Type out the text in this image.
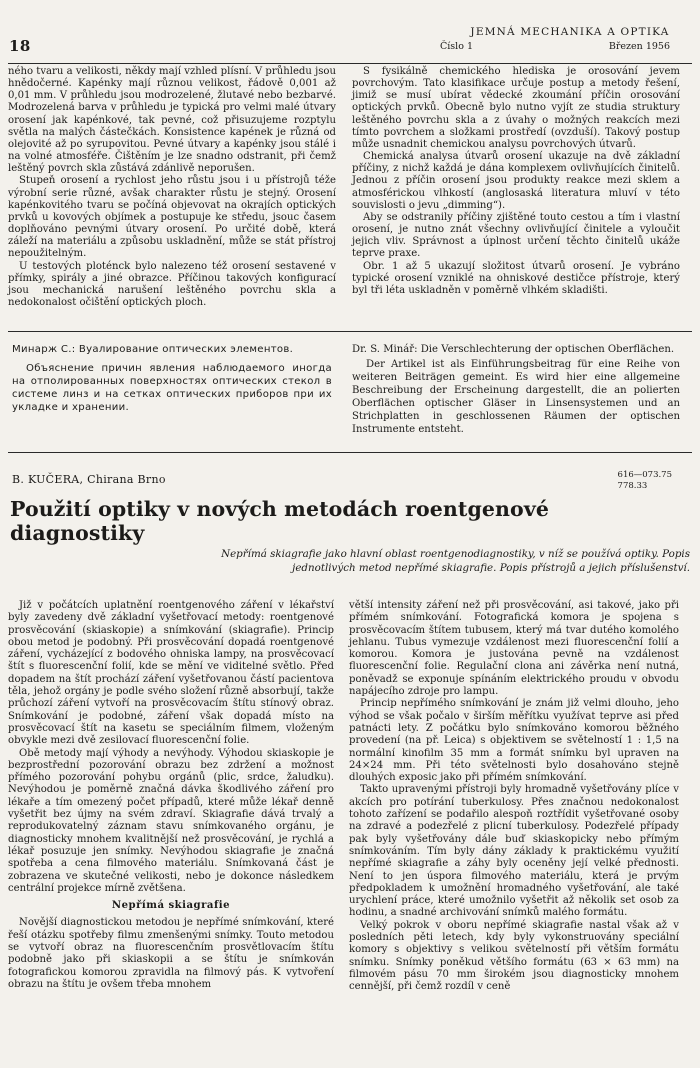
18
JEMNÁ MECHANIKA A OPTIKA
Číslo 1	Březen 1956

ného tvaru a velikosti, někdy mají vzhled plísní. V průhledu jsou hnědočerné. Kapénky mají různou velikost, řádově 0,001 až 0,01 mm. V průhledu jsou modrozelené, žlutavé nebo bezbarvé. Modrozelená barva v průhledu je typická pro velmi malé útvary orosení jak kapénkové, tak pevné, což přisuzujeme rozptylu světla na malých částečkách. Konsistence kapének je různá od olejovité až po syrupovitou. Pevné útvary a kapénky jsou stálé i na volné atmosféře. Čištěním je lze snadno odstranit, při čemž leštěný povrch skla zůstává zdánlivě neporušen.

Stupeň orosení a rychlost jeho růstu jsou i u přístrojů téže výrobní serie různé, avšak charakter růstu je stejný. Orosení kapénkovitého tvaru se počíná objevovat na okrajích optických prvků u kovových objímek a postupuje ke středu, jsouc časem doplňováno pevnými útvary orosení. Po určité době, která záleží na materiálu a způsobu uskladnění, může se stát přístroj nepoužitelným.

U testových ploténck bylo nalezeno též orosení sestavené v přímky, spirály a jiné obrazce. Příčinou takových konfigurací jsou mechanická narušení leštěného povrchu skla a nedokonalost očištění optických ploch.

S fysikálně chemického hlediska je orosování jevem povrchovým. Tato klasifikace určuje postup a metody řešení, jimiž se musí ubírat vědecké zkoumání příčin orosování optických prvků. Obecně bylo nutno vyjít ze studia struktury leštěného povrchu skla a z úvahy o možných reakcích mezi tímto povrchem a složkami prostředí (ovzduší). Takový postup může usnadnit chemickou analysu povrchových útvarů.

Chemická analysa útvarů orosení ukazuje na dvě základní příčiny, z nichž každá je dána komplexem ovlivňujících činitelů. Jednou z příčin orosení jsou produkty reakce mezi sklem a atmosférickou vlhkostí (anglosaská literatura mluví v této souvislosti o jevu „dimming“).

Aby se odstranily příčiny zjištěné touto cestou a tím i vlastní orosení, je nutno znát všechny ovlivňující činitele a vyloučit jejich vliv. Správnost a úplnost určení těchto činitelů ukáže teprve praxe.

Obr. 1 až 5 ukazují složitost útvarů orosení. Je vybráno typické orosení vzniklé na ohniskové destičce přístroje, který byl tři léta uskladněn v poměrně vlhkém skladišti.

Минарж С.: Вуалирование оптических элементов.

Объяснение причин явления наблюдаемого иногда на отполированных поверхностях оптических стекол в системе линз и на сетках оптических приборов при их укладке и хранении.

Dr. S. Minář: Die Verschlechterung der optischen Oberflächen.

Der Artikel ist als Einführungsbeitrag für eine Reihe von weiteren Beiträgen gemeint. Es wird hier eine allgemeine Beschreibung der Erscheinung dargestellt, die an polierten Oberflächen optischer Gläser in Linsensystemen und an Strichplatten in geschlossenen Räumen der optischen Instrumente entsteht.

B. KUČERA, Chirana Brno	616—073.75
778.33
Použití optiky v nových metodách roentgenové diagnostiky
Nepřímá skiagrafie jako hlavní oblast roentgenodiagnostiky, v níž se používá optiky. Popis jednotlivých metod nepřímé skiagrafie. Popis přístrojů a jejich příslušenství.

Již v počátcích uplatnění roentgenového záření v lékařství byly zavedeny dvě základní vyšetřovací metody: roentgenové prosvěcování (skiaskopie) a snímkování (skiagrafie). Princip obou metod je podobný. Při prosvěcování dopadá roentgenové záření, vycházející z bodového ohniska lampy, na prosvěcovací štít s fluorescenční folií, kde se mění ve viditelné světlo. Před dopadem na štít prochází záření vyšetřovanou částí pacientova těla, jehož orgány je podle svého složení různě absorbují, takže průchozí záření vytvoří na prosvěcovacím štítu stínový obraz. Snímkování je podobné, záření však dopadá místo na prosvěcovací štít na kasetu se speciálním filmem, vloženým obvykle mezi dvě zesilovací fluorescenční folie.

Obě metody mají výhody a nevýhody. Výhodou skiaskopie je bezprostřední pozorování obrazu bez zdržení a možnost přímého pozorování pohybu orgánů (plic, srdce, žaludku). Nevýhodou je poměrně značná dávka škodlivého záření pro lékaře a tím omezený počet případů, které může lékař denně vyšetřit bez újmy na svém zdraví. Skiagrafie dává trvalý a reprodukovatelný záznam stavu snímkovaného orgánu, je diagnosticky mnohem kvalitnější než prosvěcování, je rychlá a lékař posuzuje jen snímky. Nevýhodou skiagrafie je značná spotřeba a cena filmového materiálu. Snímkovaná část je zobrazena ve skutečné velikosti, nebo je dokonce následkem centrální projekce mírně zvětšena.

Nepřímá skiagrafie

Novější diagnostickou metodou je nepřímé snímkování, které řeší otázku spotřeby filmu zmenšenými snímky. Touto metodou se vytvoří obraz na fluorescenčním prosvětlovacím štítu podobně jako při skiaskopii a se štítu je snímkován fotografickou komorou zpravidla na filmový pás. K vytvoření obrazu na štítu je ovšem třeba mnohem

větší intensity záření než při prosvěcování, asi takové, jako při přímém snímkování. Fotografická komora je spojena s prosvěcovacím štítem tubusem, který má tvar dutého komolého jehlanu. Tubus vymezuje vzdálenost mezi fluorescenční folií a komorou. Komora je justována pevně na vzdálenost fluorescenční folie. Regulační clona ani závěrka není nutná, poněvadž se exponuje spínáním elektrického proudu v obvodu napájecího zdroje pro lampu.

Princip nepřímého snímkování je znám již velmi dlouho, jeho výhod se však počalo v širším měřítku využívat teprve asi před patnácti lety. Z počátku bylo snímkováno komorou běžného provedení (na př. Leica) s objektivem se světelností 1 : 1,5 na normální kinofilm 35 mm a formát snímku byl upraven na 24×24 mm. Při této světelnosti bylo dosahováno stejně dlouhých exposic jako při přímém snímkování.

Takto upravenými přístroji byly hromadně vyšetřovány plíce v akcích pro potírání tuberkulosy. Přes značnou nedokonalost tohoto zařízení se podařilo alespoň roztřídit vyšetřované osoby na zdravé a podezřelé z plicní tuberkulosy. Podezřelé případy pak byly vyšetřovány dále buď skiaskopicky nebo přímým snímkováním. Tím byly dány základy k praktickému využití nepřímé skiagrafie a záhy byly oceněny její velké přednosti. Není to jen úspora filmového materiálu, která je prvým předpokladem k umožnění hromadného vyšetřování, ale také urychlení práce, které umožnilo vyšetřit až několik set osob za hodinu, a snadné archivování snímků malého formátu.

Velký pokrok v oboru nepřímé skiagrafie nastal však až v posledních pěti letech, kdy byly vykonstruovány speciální komory s objektivy s velikou světelností při větším formátu snímku. Snímky poněkud většího formátu (63 × 63 mm) na filmovém pásu 70 mm širokém jsou diagnosticky mnohem cennější, při čemž rozdíl v ceně
